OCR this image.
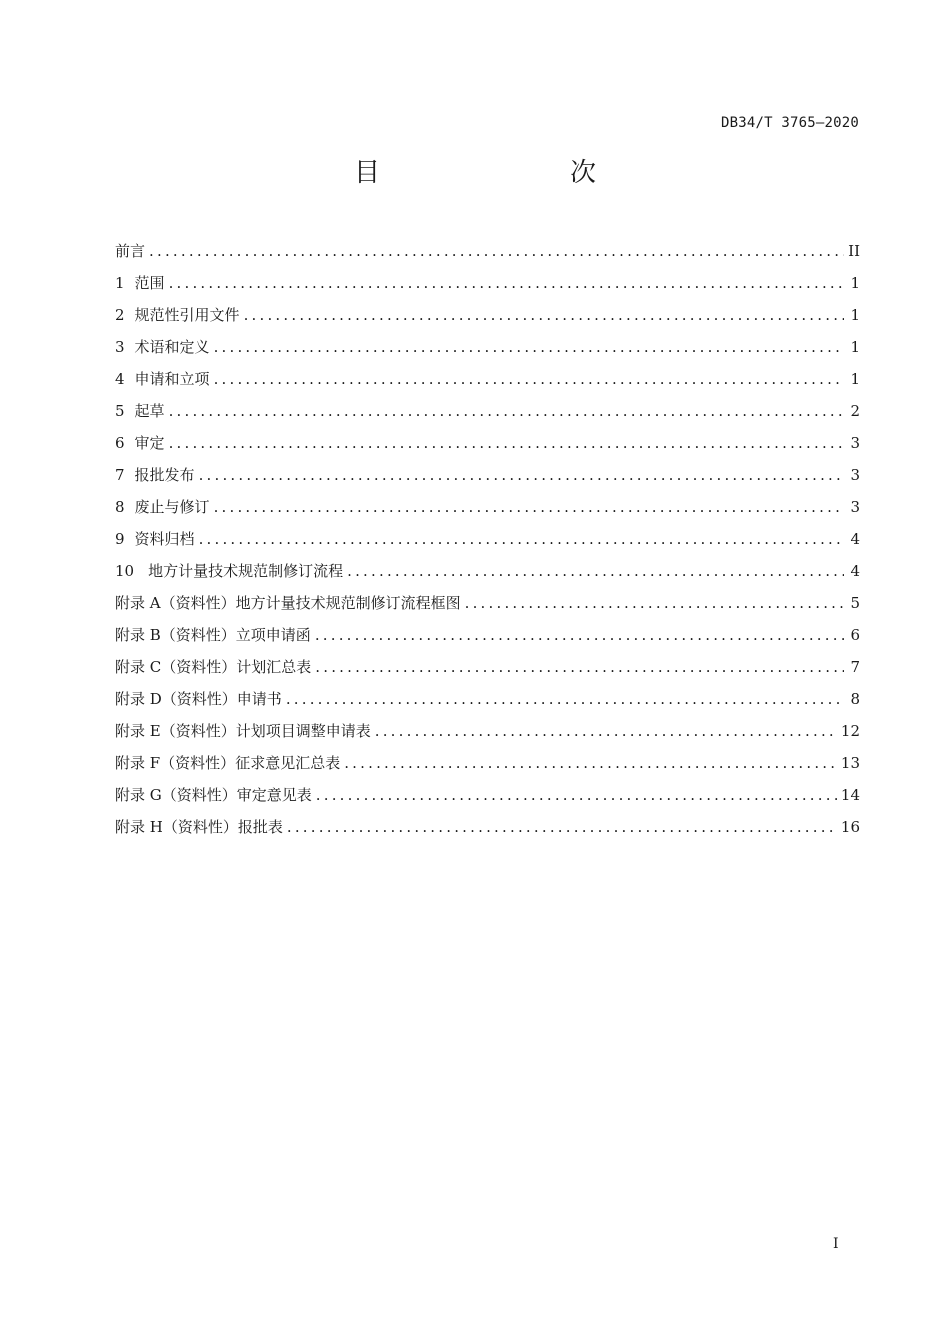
DB34/T 3765—2020
目　　次
前言 .....	II
1 范围 .....	1
2 规范性引用文件 .....	1
3 术语和定义 .....	1
4 申请和立项 .....	1
5 起草 .....	2
6 审定 .....	3
7 报批发布 .....	3
8 废止与修订 .....	3
9 资料归档 .....	4
10 地方计量技术规范制修订流程 .....	4
附录 A（资料性） 地方计量技术规范制修订流程框图 .....	5
附录 B（资料性） 立项申请函 .....	6
附录 C（资料性） 计划汇总表 .....	7
附录 D（资料性） 申请书 .....	8
附录 E（资料性） 计划项目调整申请表 .....	12
附录 F（资料性） 征求意见汇总表 .....	13
附录 G（资料性） 审定意见表 .....	14
附录 H（资料性） 报批表 .....	16
I
